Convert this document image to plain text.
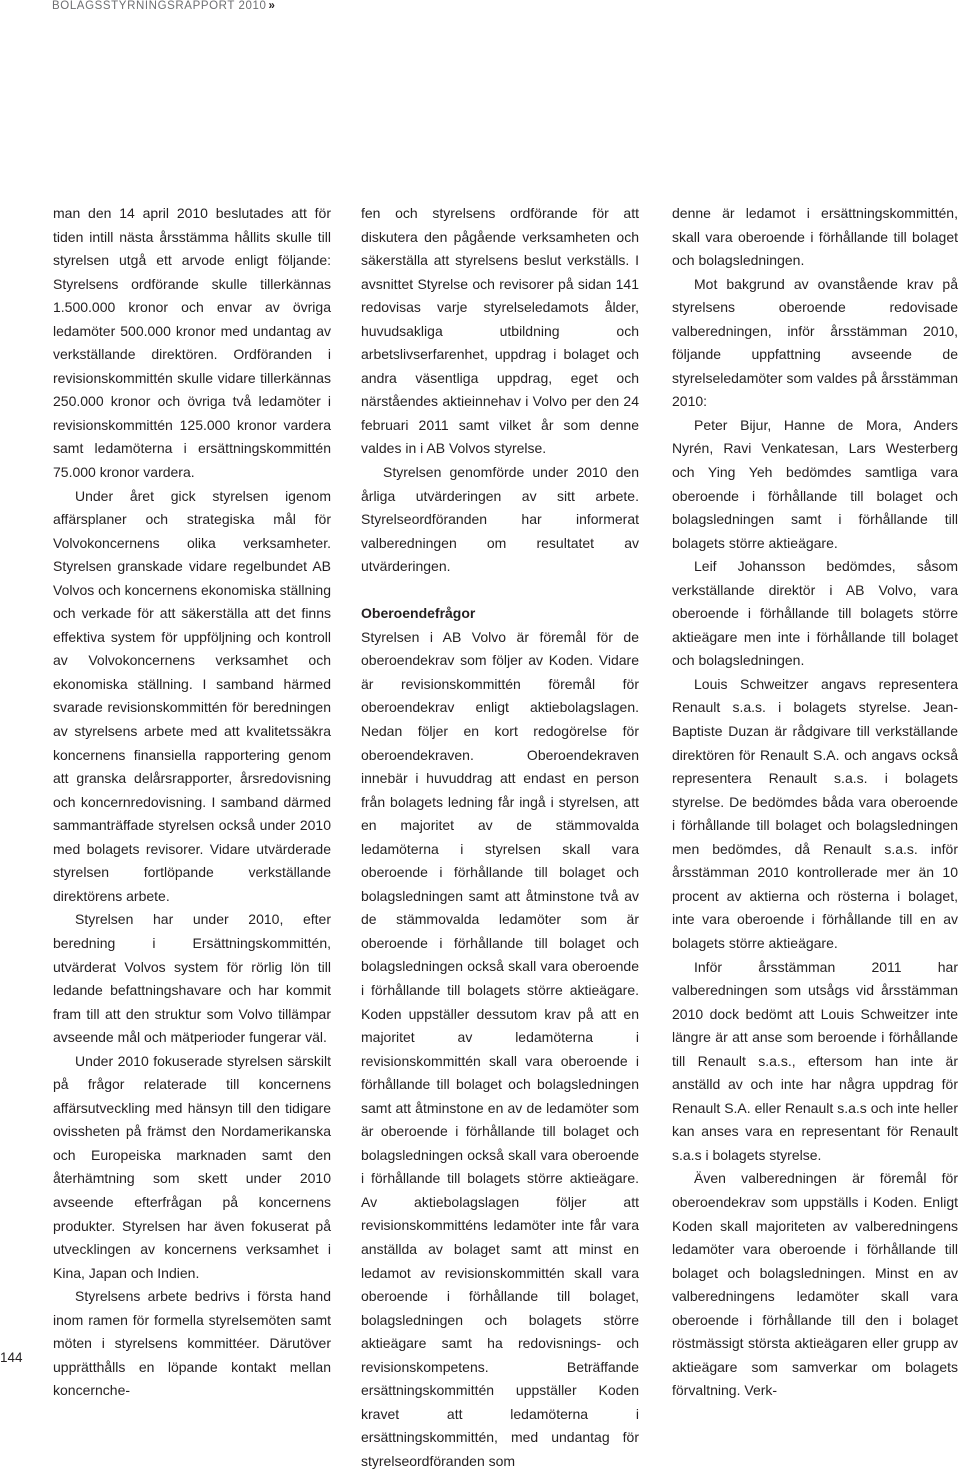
BOLAGSSTYRNINGSRAPPORT 2010 »

man den 14 april 2010 beslutades att för tiden intill nästa årsstämma hållits skulle till styrelsen utgå ett arvode enligt följande: Styrelsens ordförande skulle tillerkännas 1.500.000 kronor och envar av övriga ledamöter 500.000 kronor med undantag av verkställande direktören. Ordföranden i revisionskommittén skulle vidare tillerkännas 250.000 kronor och övriga två ledamöter i revisionskommittén 125.000 kronor vardera samt ledamöterna i ersättningskommittén 75.000 kronor vardera.

Under året gick styrelsen igenom affärsplaner och strategiska mål för Volvokoncernens olika verksamheter. Styrelsen granskade vidare regelbundet AB Volvos och koncernens ekonomiska ställning och verkade för att säkerställa att det finns effektiva system för uppföljning och kontroll av Volvokoncernens verksamhet och ekonomiska ställning. I samband härmed svarade revisionskommittén för beredningen av styrelsens arbete med att kvalitetssäkra koncernens finansiella rapportering genom att granska delårsrapporter, årsredovisning och koncernredovisning. I samband därmed sammanträffade styrelsen också under 2010 med bolagets revisorer. Vidare utvärderade styrelsen fortlöpande verkställande direktörens arbete.

Styrelsen har under 2010, efter beredning i Ersättningskommittén, utvärderat Volvos system för rörlig lön till ledande befattningshavare och har kommit fram till att den struktur som Volvo tillämpar avseende mål och mätperioder fungerar väl.

Under 2010 fokuserade styrelsen särskilt på frågor relaterade till koncernens affärsutveckling med hänsyn till den tidigare ovissheten på främst den Nordamerikanska och Europeiska marknaden samt den återhämtning som skett under 2010 avseende efterfrågan på koncernens produkter. Styrelsen har även fokuserat på utvecklingen av koncernens verksamhet i Kina, Japan och Indien.

Styrelsens arbete bedrivs i första hand inom ramen för formella styrelsemöten samt möten i styrelsens kommittéer. Därutöver upprätthålls en löpande kontakt mellan koncernche-

fen och styrelsens ordförande för att diskutera den pågående verksamheten och säkerställa att styrelsens beslut verkställs. I avsnittet Styrelse och revisorer på sidan 141 redovisas varje styrelseledamots ålder, huvudsakliga utbildning och arbetslivserfarenhet, uppdrag i bolaget och andra väsentliga uppdrag, eget och närståendes aktieinnehav i Volvo per den 24 februari 2011 samt vilket år som denne valdes in i AB Volvos styrelse.

Styrelsen genomförde under 2010 den årliga utvärderingen av sitt arbete. Styrelseordföranden har informerat valberedningen om resultatet av utvärderingen.

Oberoendefrågor

Styrelsen i AB Volvo är föremål för de oberoendekrav som följer av Koden. Vidare är revisionskommittén föremål för oberoendekrav enligt aktiebolagslagen. Nedan följer en kort redogörelse för oberoendekraven. Oberoendekraven innebär i huvuddrag att endast en person från bolagets ledning får ingå i styrelsen, att en majoritet av de stämmovalda ledamöterna i styrelsen skall vara oberoende i förhållande till bolaget och bolagsledningen samt att åtminstone två av de stämmovalda ledamöter som är oberoende i förhållande till bolaget och bolagsledningen också skall vara oberoende i förhållande till bolagets större aktieägare. Koden uppställer dessutom krav på att en majoritet av ledamöterna i revisionskommittén skall vara oberoende i förhållande till bolaget och bolagsledningen samt att åtminstone en av de ledamöter som är oberoende i förhållande till bolaget och bolagsledningen också skall vara oberoende i förhållande till bolagets större aktieägare. Av aktiebolagslagen följer att revisionskommitténs ledamöter inte får vara anställda av bolaget samt att minst en ledamot av revisionskommittén skall vara oberoende i förhållande till bolaget, bolagsledningen och bolagets större aktieägare samt ha redovisnings- och revisionskompetens. Beträffande ersättningskommittén uppställer Koden kravet att ledamöterna i ersättningskommittén, med undantag för styrelseordföranden som

denne är ledamot i ersättningskommittén, skall vara oberoende i förhållande till bolaget och bolagsledningen.

Mot bakgrund av ovanstående krav på styrelsens oberoende redovisade valberedningen, inför årsstämman 2010, följande uppfattning avseende de styrelseledamöter som valdes på årsstämman 2010:

Peter Bijur, Hanne de Mora, Anders Nyrén, Ravi Venkatesan, Lars Westerberg och Ying Yeh bedömdes samtliga vara oberoende i förhållande till bolaget och bolagsledningen samt i förhållande till bolagets större aktieägare.

Leif Johansson bedömdes, såsom verkställande direktör i AB Volvo, vara oberoende i förhållande till bolagets större aktieägare men inte i förhållande till bolaget och bolagsledningen.

Louis Schweitzer angavs representera Renault s.a.s. i bolagets styrelse. Jean-Baptiste Duzan är rådgivare till verkställande direktören för Renault S.A. och angavs också representera Renault s.a.s. i bolagets styrelse. De bedömdes båda vara oberoende i förhållande till bolaget och bolagsledningen men bedömdes, då Renault s.a.s. inför årsstämman 2010 kontrollerade mer än 10 procent av aktierna och rösterna i bolaget, inte vara oberoende i förhållande till en av bolagets större aktieägare.

Inför årsstämman 2011 har valberedningen som utsågs vid årsstämman 2010 dock bedömt att Louis Schweitzer inte längre är att anse som beroende i förhållande till Renault s.a.s., eftersom han inte är anställd av och inte har några uppdrag för Renault S.A. eller Renault s.a.s och inte heller kan anses vara en representant för Renault s.a.s i bolagets styrelse.

Även valberedningen är föremål för oberoendekrav som uppställs i Koden. Enligt Koden skall majoriteten av valberedningens ledamöter vara oberoende i förhållande till bolaget och bolagsledningen. Minst en av valberedningens ledamöter skall vara oberoende i förhållande till den i bolaget röstmässigt största aktieägaren eller grupp av aktieägare som samverkar om bolagets förvaltning. Verk-

144
